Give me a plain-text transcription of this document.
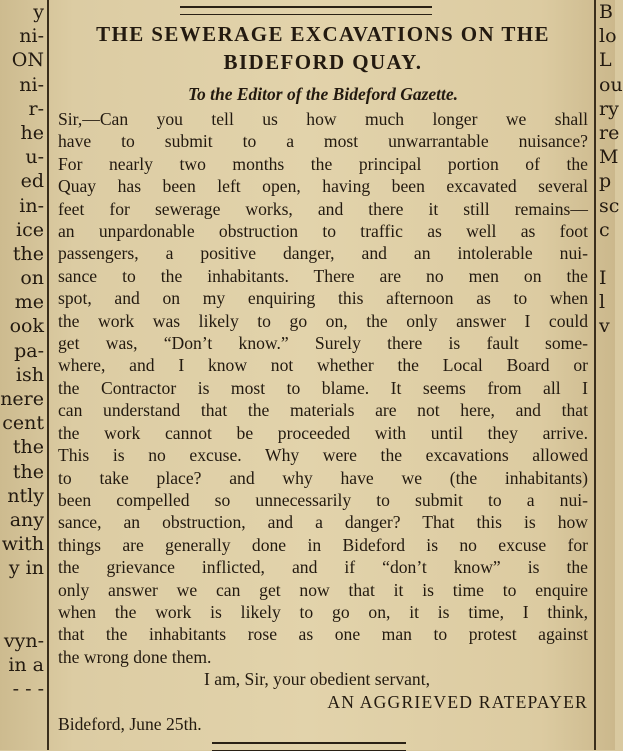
y
ni-
ON
ni-
r-
he
u-
ed
in-
ice
the
on
me
ook
pa-
ish
nere
cent
the
the
ntly
any
with
y in
vyn-
in a
- - -
THE SEWERAGE EXCAVATIONS ON THE
BIDEFORD QUAY.
To the Editor of the Bideford Gazette.
Sir,—Can you tell us how much longer we shall
have to submit to a most unwarrantable nuisance?
For nearly two months the principal portion of the
Quay has been left open, having been excavated several
feet for sewerage works, and there it still remains—
an unpardonable obstruction to traffic as well as foot
passengers, a positive danger, and an intolerable nui-
sance to the inhabitants. There are no men on the
spot, and on my enquiring this afternoon as to when
the work was likely to go on, the only answer I could
get was, “Don’t know.” Surely there is fault some-
where, and I know not whether the Local Board or
the Contractor is most to blame. It seems from all I
can understand that the materials are not here, and that
the work cannot be proceeded with until they arrive.
This is no excuse. Why were the excavations allowed
to take place? and why have we (the inhabitants)
been compelled so unnecessarily to submit to a nui-
sance, an obstruction, and a danger? That this is how
things are generally done in Bideford is no excuse for
the grievance inflicted, and if “don’t know” is the
only answer we can get now that it is time to enquire
when the work is likely to go on, it is time, I think,
that the inhabitants rose as one man to protest against
the wrong done them.
I am, Sir, your obedient servant,
AN AGGRIEVED RATEPAYER
Bideford, June 25th.
B
lo
L
ou
ry
re
M
p
sc
c
I
l
v
